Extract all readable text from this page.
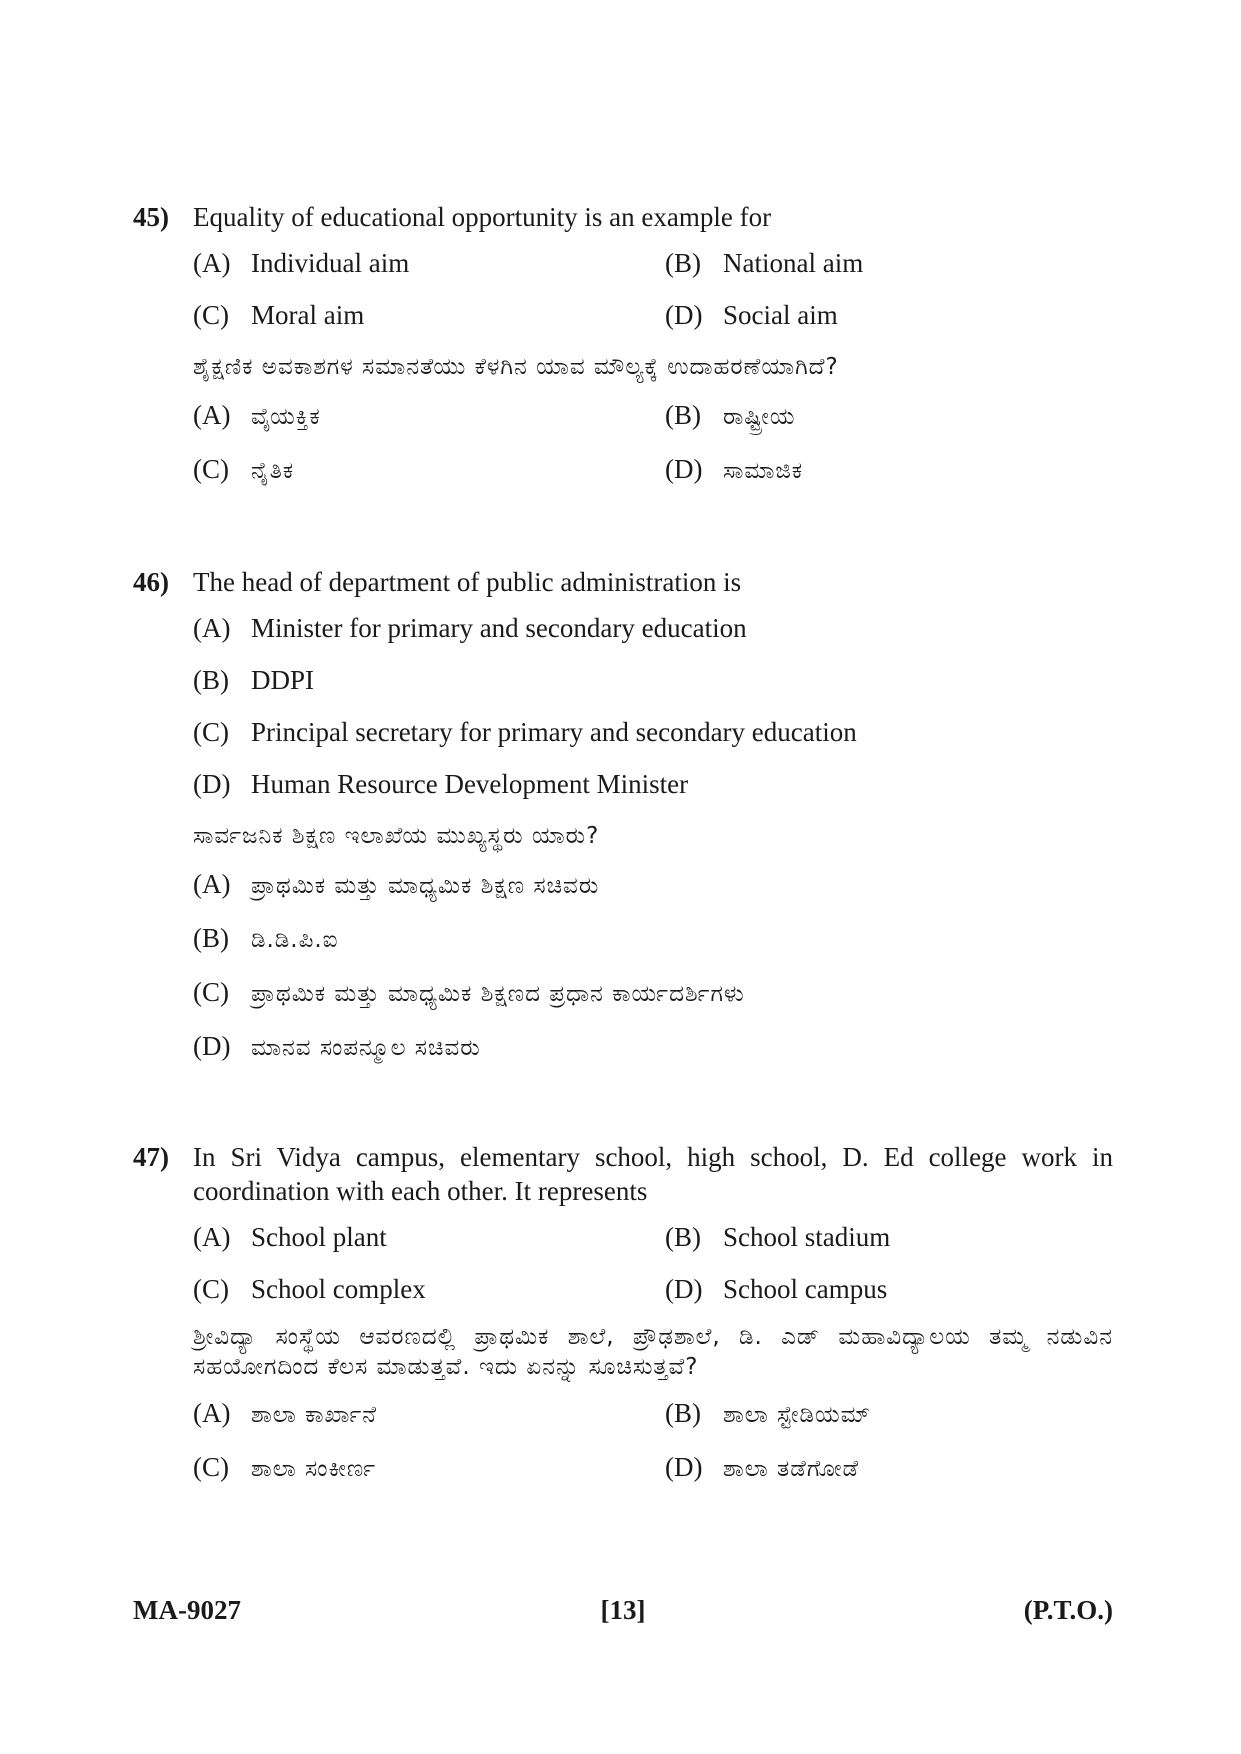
45) Equality of educational opportunity is an example for
(A) Individual aim	(B) National aim
(C) Moral aim	(D) Social aim
ಶೈಕ್ಷಣಿಕ ಅವಕಾಶಗಳ ಸಮಾನತೆಯು ಕೆಳಗಿನ ಯಾವ ಮೌಲ್ಯಕ್ಕೆ ಉದಾಹರಣೆಯಾಗಿದೆ?
(A) ವೈಯಕ್ತಿಕ	(B) ರಾಷ್ಟ್ರೀಯ
(C) ನೈತಿಕ	(D) ಸಾಮಾಜಿಕ
46) The head of department of public administration is
(A) Minister for primary and secondary education
(B) DDPI
(C) Principal secretary for primary and secondary education
(D) Human Resource Development Minister
ಸಾರ್ವಜನಿಕ ಶಿಕ್ಷಣ ಇಲಾಖೆಯ ಮುಖ್ಯಸ್ಥರು ಯಾರು?
(A) ಪ್ರಾಥಮಿಕ ಮತ್ತು ಮಾಧ್ಯಮಿಕ ಶಿಕ್ಷಣ ಸಚಿವರು
(B) ಡಿ.ಡಿ.ಪಿ.ಐ
(C) ಪ್ರಾಥಮಿಕ ಮತ್ತು ಮಾಧ್ಯಮಿಕ ಶಿಕ್ಷಣದ ಪ್ರಧಾನ ಕಾರ್ಯದರ್ಶಿಗಳು
(D) ಮಾನವ ಸಂಪನ್ಮೂಲ ಸಚಿವರು
47) In Sri Vidya campus, elementary school, high school, D. Ed college work in coordination with each other. It represents
(A) School plant	(B) School stadium
(C) School complex	(D) School campus
ಶ್ರೀವಿದ್ಯಾ ಸಂಸ್ಥೆಯ ಆವರಣದಲ್ಲಿ ಪ್ರಾಥಮಿಕ ಶಾಲೆ, ಪ್ರೌಢಶಾಲೆ, ಡಿ. ಎಡ್ ಮಹಾವಿದ್ಯಾಲಯ ತಮ್ಮ ನಡುವಿನ ಸಹಯೋಗದಿಂದ ಕೆಲಸ ಮಾಡುತ್ತವೆ. ಇದು ಏನನ್ನು ಸೂಚಿಸುತ್ತವೆ?
(A) ಶಾಲಾ ಕಾರ್ಖಾನೆ	(B) ಶಾಲಾ ಸ್ಟೇಡಿಯಮ್
(C) ಶಾಲಾ ಸಂಕೀರ್ಣ	(D) ಶಾಲಾ ತಡೆಗೋಡೆ
[13]
MA-9027	(P.T.O.)
